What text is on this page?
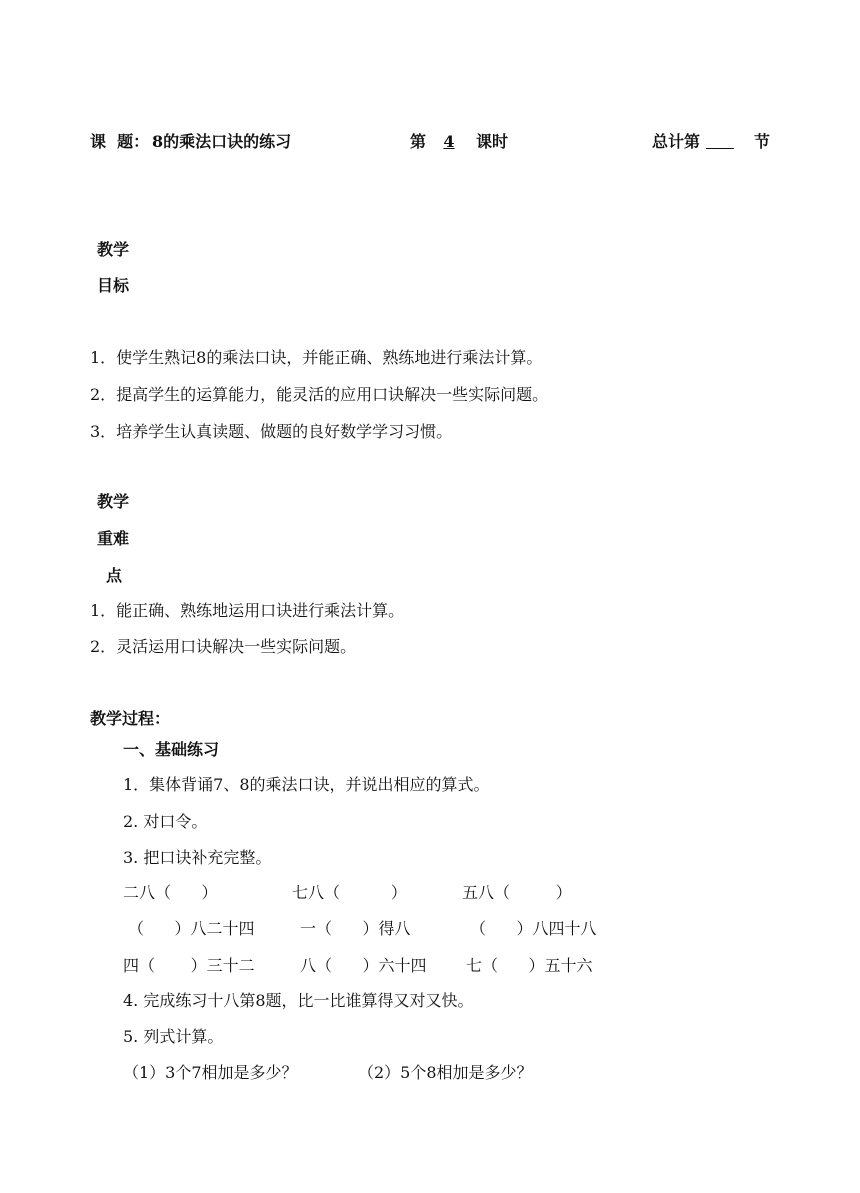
课  题： 8的乘法口诀的练习	第	4	课时	总计第
	节
教学
目标
1．使学生熟记8的乘法口诀，并能正确、熟练地进行乘法计算。
2．提高学生的运算能力，能灵活的应用口诀解决一些实际问题。
3．培养学生认真读题、做题的良好数学学习习惯。
教学
重难
点
1．能正确、熟练地运用口诀进行乘法计算。
2．灵活运用口诀解决一些实际问题。
教学过程：
一、基础练习
1．集体背诵7、8的乘法口诀，并说出相应的算式。
2. 对口令。
3. 把口诀补充完整。
二八（      ）	七八（          ）	五八（         ）
（      ）八二十四	一（      ）得八	（      ）八四十八
四（       ）三十二	八（      ）六十四 七（      ）五十六
4. 完成练习十八第8题，比一比谁算得又对又快。
5. 列式计算。
（1）3个7相加是多少？	（2）5个8相加是多少？
